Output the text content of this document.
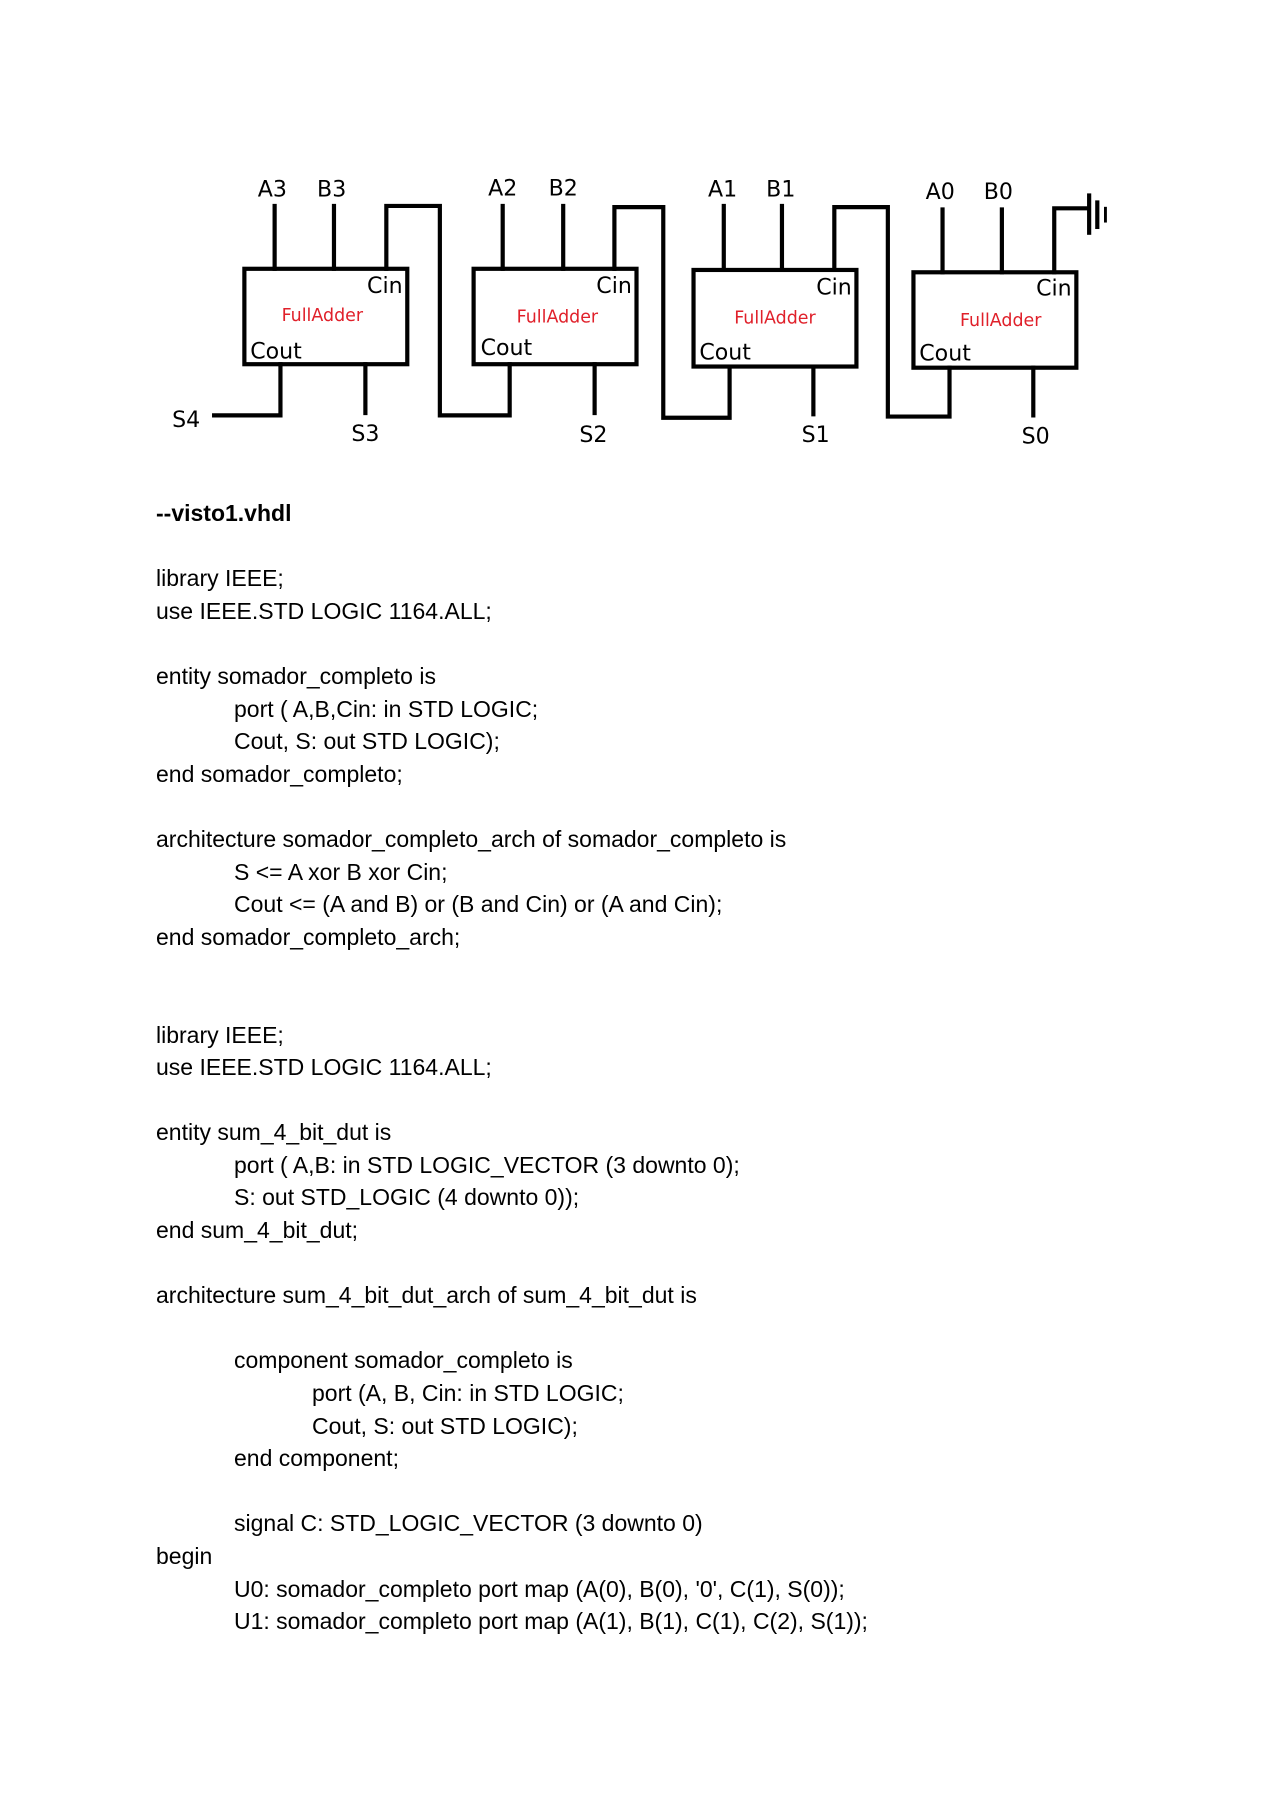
Cin
FullAdder
Cout
Cin
FullAdder
Cout
Cin
FullAdder
Cout
Cin
FullAdder
Cout
A3 B3	A2 B2	A1 B1	A0 B0
S4
S3	S2	S1	S0
--visto1.vhdl
library IEEE;
use IEEE.STD LOGIC 1164.ALL;
entity somador_completo is
port ( A,B,Cin: in STD LOGIC;
Cout, S: out STD LOGIC);
end somador_completo;
architecture somador_completo_arch of somador_completo is
S <= A xor B xor Cin;
Cout <= (A and B) or (B and Cin) or (A and Cin);
end somador_completo_arch;
library IEEE;
use IEEE.STD LOGIC 1164.ALL;
entity sum_4_bit_dut is
port ( A,B: in STD LOGIC_VECTOR (3 downto 0);
S: out STD_LOGIC (4 downto 0));
end sum_4_bit_dut;
architecture sum_4_bit_dut_arch of sum_4_bit_dut is
component somador_completo is
port (A, B, Cin: in STD LOGIC;
Cout, S: out STD LOGIC);
end component;
signal C: STD_LOGIC_VECTOR (3 downto 0)
begin
U0: somador_completo port map (A(0), B(0), '0', C(1), S(0));
U1: somador_completo port map (A(1), B(1), C(1), C(2), S(1));
